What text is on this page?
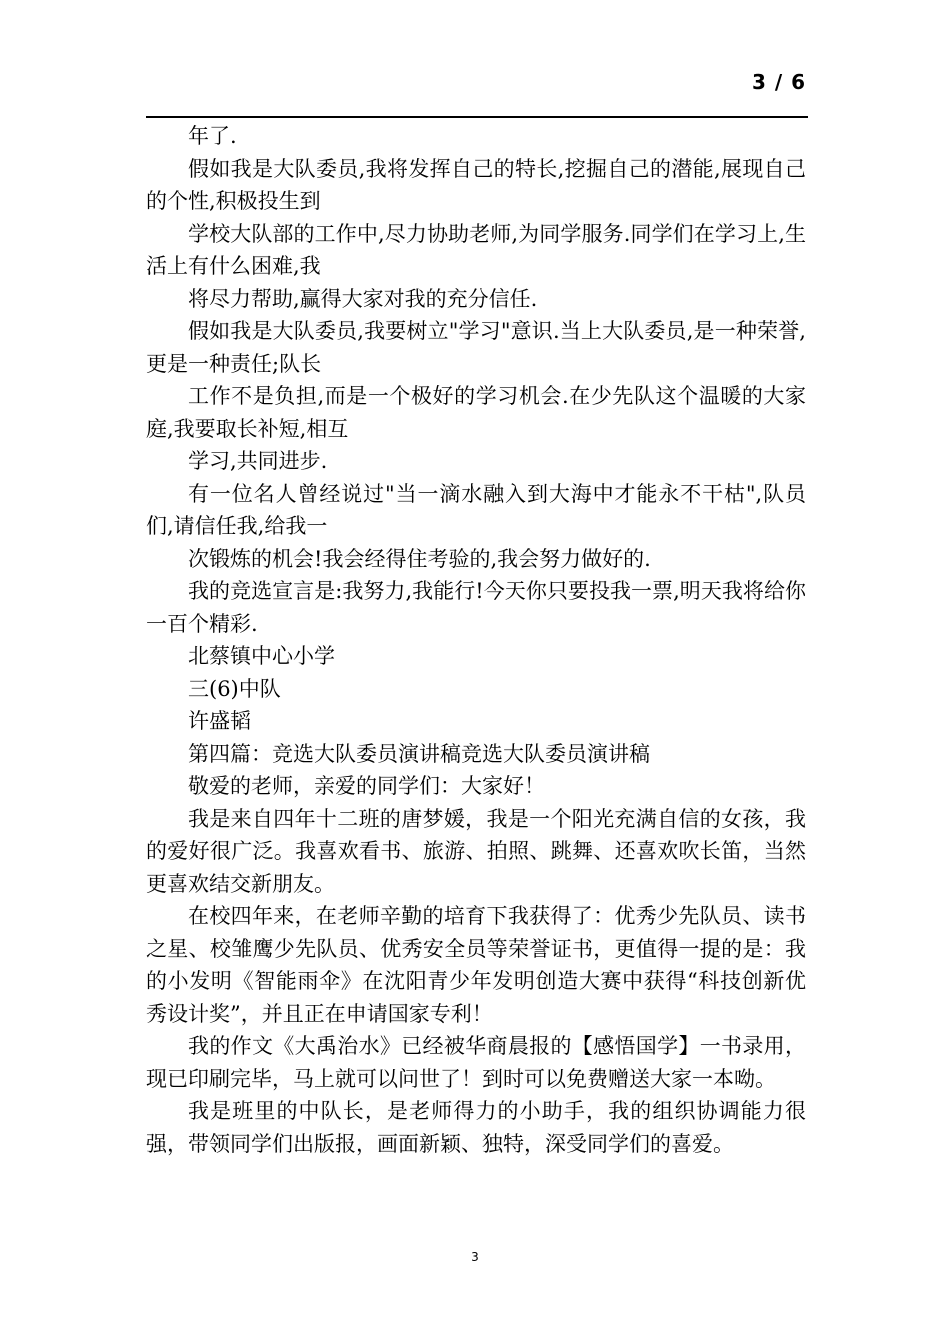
3 / 6

年了.

假如我是大队委员,我将发挥自己的特长,挖掘自己的潜能,展现自己的个性,积极投生到

学校大队部的工作中,尽力协助老师,为同学服务.同学们在学习上,生活上有什么困难,我

将尽力帮助,赢得大家对我的充分信任.

假如我是大队委员,我要树立"学习"意识.当上大队委员,是一种荣誉,更是一种责任;队长

工作不是负担,而是一个极好的学习机会.在少先队这个温暖的大家庭,我要取长补短,相互

学习,共同进步.

有一位名人曾经说过"当一滴水融入到大海中才能永不干枯",队员们,请信任我,给我一

次锻炼的机会!我会经得住考验的,我会努力做好的.

我的竞选宣言是:我努力,我能行!今天你只要投我一票,明天我将给你一百个精彩.

北蔡镇中心小学

三(6)中队

许盛韬

第四篇：竞选大队委员演讲稿竞选大队委员演讲稿

敬爱的老师，亲爱的同学们：大家好！

我是来自四年十二班的唐梦媛，我是一个阳光充满自信的女孩，我的爱好很广泛。我喜欢看书、旅游、拍照、跳舞、还喜欢吹长笛，当然更喜欢结交新朋友。

在校四年来，在老师辛勤的培育下我获得了：优秀少先队员、读书之星、校雏鹰少先队员、优秀安全员等荣誉证书，更值得一提的是：我的小发明《智能雨伞》在沈阳青少年发明创造大赛中获得“科技创新优秀设计奖”，并且正在申请国家专利！

我的作文《大禹治水》已经被华商晨报的【感悟国学】一书录用，现已印刷完毕，马上就可以问世了！到时可以免费赠送大家一本呦。

我是班里的中队长，是老师得力的小助手，我的组织协调能力很强，带领同学们出版报，画面新颖、独特，深受同学们的喜爱。

3
